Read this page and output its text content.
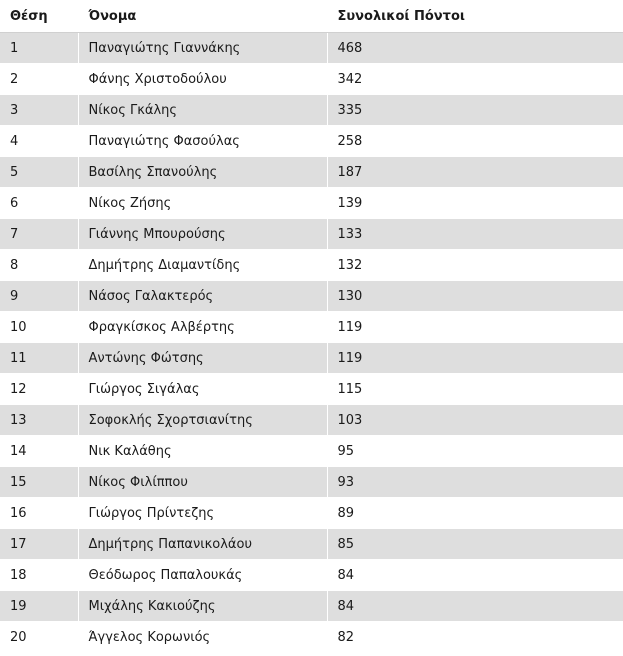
Θέση	Όνομα	Συνολικοί Πόντοι
1	Παναγιώτης Γιαννάκης	468
2	Φάνης Χριστοδούλου	342
3	Νίκος Γκάλης	335
4	Παναγιώτης Φασούλας	258
5	Βασίλης Σπανούλης	187
6	Νίκος Ζήσης	139
7	Γιάννης Μπουρούσης	133
8	Δημήτρης Διαμαντίδης	132
9	Νάσος Γαλακτερός	130
10	Φραγκίσκος Αλβέρτης	119
11	Αντώνης Φώτσης	119
12	Γιώργος Σιγάλας	115
13	Σοφοκλής Σχορτσιανίτης	103
14	Νικ Καλάθης	95
15	Νίκος Φιλίππου	93
16	Γιώργος Πρίντεζης	89
17	Δημήτρης Παπανικολάου	85
18	Θεόδωρος Παπαλουκάς	84
19	Μιχάλης Κακιούζης	84
20	Άγγελος Κορωνιός	82
